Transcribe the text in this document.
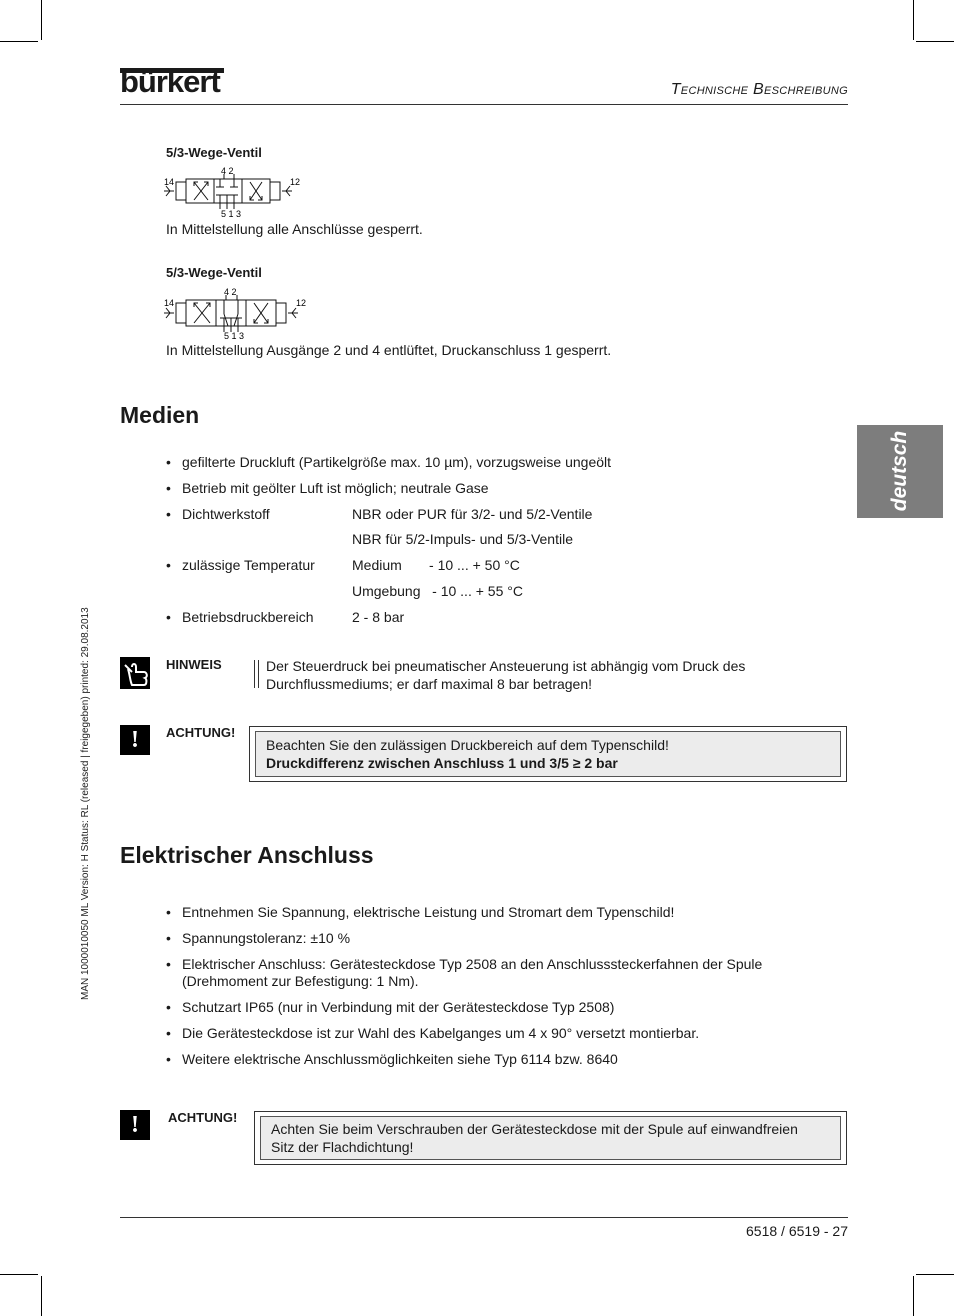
bürkert	Technische Beschreibung
MAN 1000010050 ML Version: H Status: RL (released | freigegeben) printed: 29.08.2013
deutsch
5/3-Wege-Ventil
4 2
5 1 3
14	12
In Mittelstellung alle Anschlüsse gesperrt.
5/3-Wege-Ventil
4 2
5 1 3
14	12
In Mittelstellung Ausgänge 2 und 4 entlüftet, Druckanschluss 1 gesperrt.
Medien
• gefilterte Druckluft (Partikelgröße max. 10 µm), vorzugsweise ungeölt
• Betrieb mit geölter Luft ist möglich; neutrale Gase
• Dichtwerkstoff	NBR oder PUR für 3/2- und 5/2-Ventile
NBR für 5/2-Impuls- und 5/3-Ventile
• zulässige Temperatur	Medium       - 10 ... + 50 °C
Umgebung   - 10 ... + 55 °C
• Betriebsdruckbereich	2 - 8 bar
HINWEIS	Der Steuerdruck bei pneumatischer Ansteuerung ist abhängig vom Druck des
Durchflussmediums; er darf maximal 8 bar betragen!
!	ACHTUNG!

Beachten Sie den zulässigen Druckbereich auf dem Typenschild!

Druckdifferenz zwischen Anschluss 1 und 3/5 ≥ 2 bar

Elektrischer Anschluss
• Entnehmen Sie Spannung, elektrische Leistung und Stromart dem Typenschild!
• Spannungstoleranz: ±10 %
• Elektrischer Anschluss: Gerätesteckdose Typ 2508 an den Anschlusssteckerfahnen der Spule
(Drehmoment zur Befestigung: 1 Nm).
• Schutzart IP65 (nur in Verbindung mit der Gerätesteckdose Typ 2508)
• Die Gerätesteckdose ist zur Wahl des Kabelganges um 4 x 90° versetzt montierbar.
• Weitere elektrische Anschlussmöglichkeiten siehe Typ 6114 bzw. 8640
!	ACHTUNG!

Achten Sie beim Verschrauben der Gerätesteckdose mit der Spule auf einwandfreien

Sitz der Flachdichtung!

6518 / 6519 - 27
